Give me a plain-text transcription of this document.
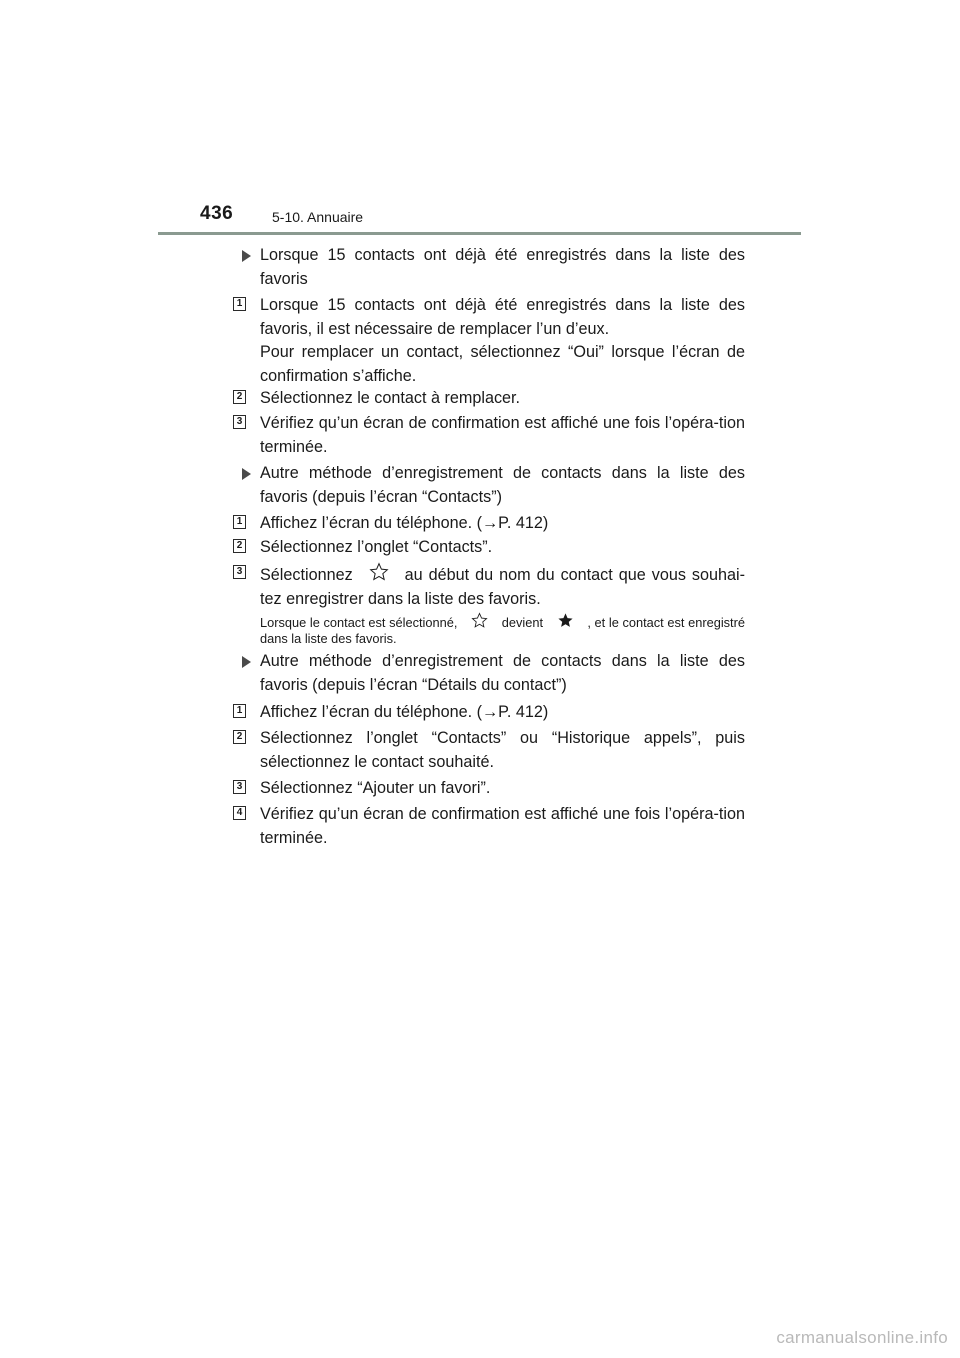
436	5-10. Annuaire
Lorsque 15 contacts ont déjà été enregistrés dans la liste des favoris
1 Lorsque 15 contacts ont déjà été enregistrés dans la liste des favoris, il est nécessaire de remplacer l’un d’eux.
Pour remplacer un contact, sélectionnez “Oui” lorsque l’écran de confirmation s’affiche.
2 Sélectionnez le contact à remplacer.
3 Vérifiez qu’un écran de confirmation est affiché une fois l’opéra-tion terminée.
Autre méthode d’enregistrement de contacts dans la liste des favoris (depuis l’écran “Contacts”)
1 Affichez l’écran du téléphone. (→P. 412)
2 Sélectionnez l’onglet “Contacts”.
3 Sélectionnez	au début du nom du contact que vous souhai-tez enregistrer dans la liste des favoris.
Lorsque le contact est sélectionné,	devient	, et le contact est enregistré dans la liste des favoris.
Autre méthode d’enregistrement de contacts dans la liste des favoris (depuis l’écran “Détails du contact”)
1 Affichez l’écran du téléphone. (→P. 412)
2 Sélectionnez l’onglet “Contacts” ou “Historique appels”, puis sélectionnez le contact souhaité.
3 Sélectionnez “Ajouter un favori”.
4 Vérifiez qu’un écran de confirmation est affiché une fois l’opéra-tion terminée.
carmanualsonline.info
